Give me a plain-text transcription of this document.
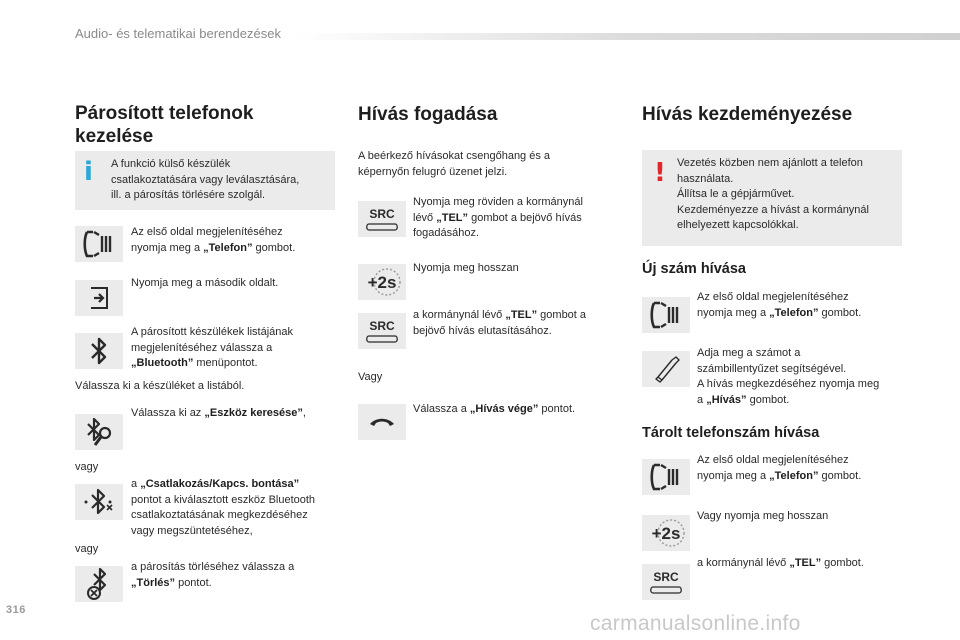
Audio- és telematikai berendezések
Párosított telefonok
kezelése
i A funkció külső készülék
csatlakoztatására vagy leválasztására,
ill. a párosítás törlésére szolgál.
Az első oldal megjelenítéséhez
nyomja meg a „Telefon” gombot.
Nyomja meg a második oldalt.
A párosított készülékek listájának
megjelenítéséhez válassza a
„Bluetooth” menüpontot.
Válassza ki a készüléket a listából.
Válassza ki az „Eszköz keresése”,
vagy
a „Csatlakozás/Kapcs. bontása”
pontot a kiválasztott eszköz Bluetooth
csatlakoztatásának megkezdéséhez
vagy megszüntetéséhez,
vagy
a párosítás törléséhez válassza a
„Törlés” pontot.
Hívás fogadása
A beérkező hívásokat csengőhang és a
képernyőn felugró üzenet jelzi.
SRC
Nyomja meg röviden a kormánynál
lévő „TEL” gombot a bejövő hívás
fogadásához.
+2s
Nyomja meg hosszan
SRC
a kormánynál lévő „TEL” gombot a
bejövő hívás elutasításához.
Vagy
Válassza a „Hívás vége” pontot.
Hívás kezdeményezése
! Vezetés közben nem ajánlott a telefon
használata.
Állítsa le a gépjárművet.
Kezdeményezze a hívást a kormánynál
elhelyezett kapcsolókkal.
Új szám hívása
Az első oldal megjelenítéséhez
nyomja meg a „Telefon” gombot.
Adja meg a számot a
számbillentyűzet segítségével.
A hívás megkezdéséhez nyomja meg
a „Hívás” gombot.
Tárolt telefonszám hívása
Az első oldal megjelenítéséhez
nyomja meg a „Telefon” gombot.
+2s
Vagy nyomja meg hosszan
SRC
a kormánynál lévő „TEL” gombot.
316
carmanualsonline.info
